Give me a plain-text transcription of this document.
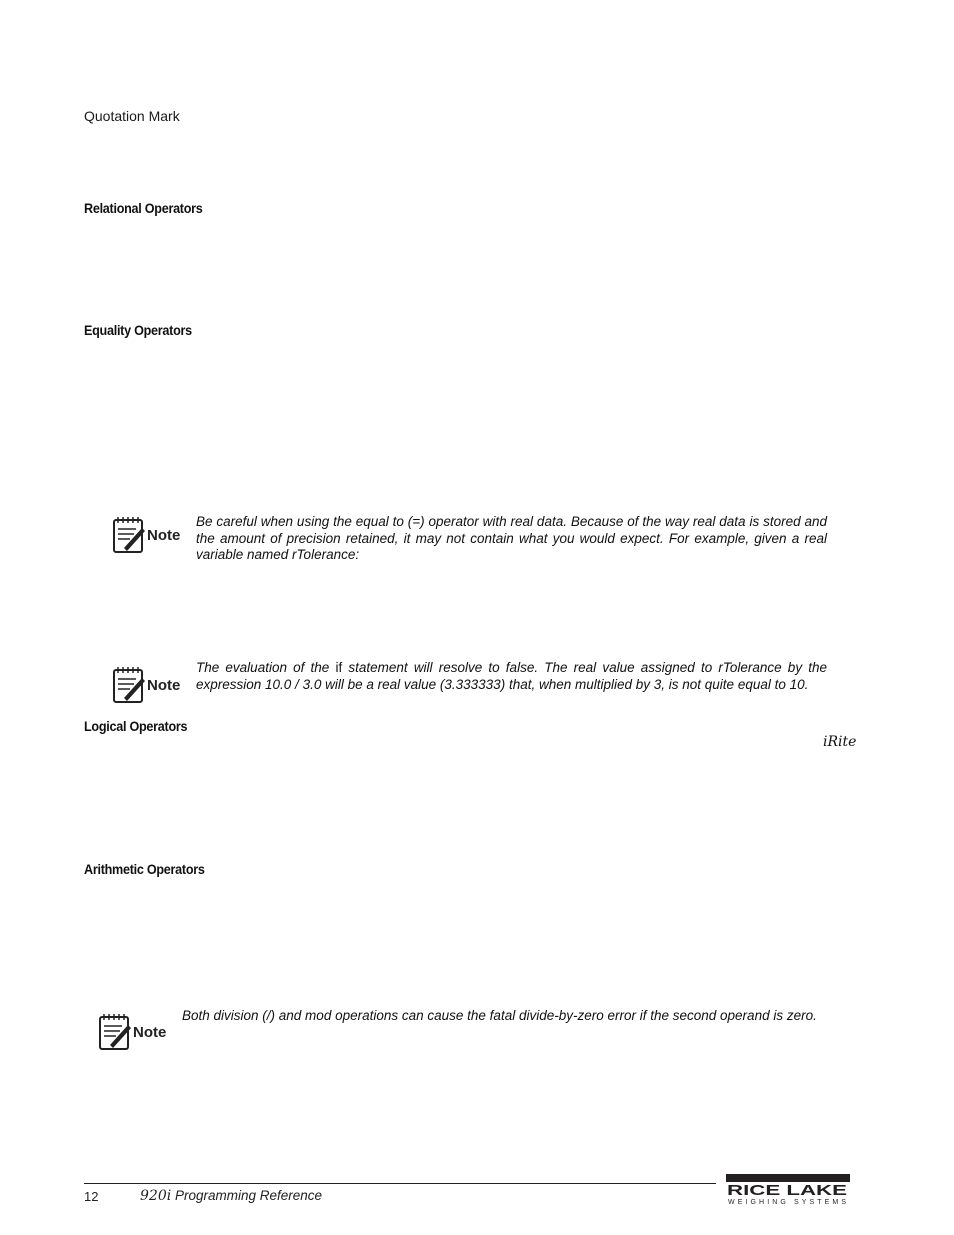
Quotation Mark
Relational Operators
Equality Operators
Note
Be careful when using the equal to (=) operator with real data. Because of the way real data is stored and the amount of precision retained, it may not contain what you would expect. For example, given a real variable named rTolerance:
Note
The evaluation of the if statement will resolve to false. The real value assigned to rTolerance by the expression 10.0 / 3.0 will be a real value (3.333333) that, when multiplied by 3, is not quite equal to 10.
Logical Operators
iRite
Arithmetic Operators
Note
Both division (/) and mod operations can cause the fatal divide-by-zero error if the second operand is zero.
12	920i Programming Reference	RICE LAKE
WEIGHING SYSTEMS
